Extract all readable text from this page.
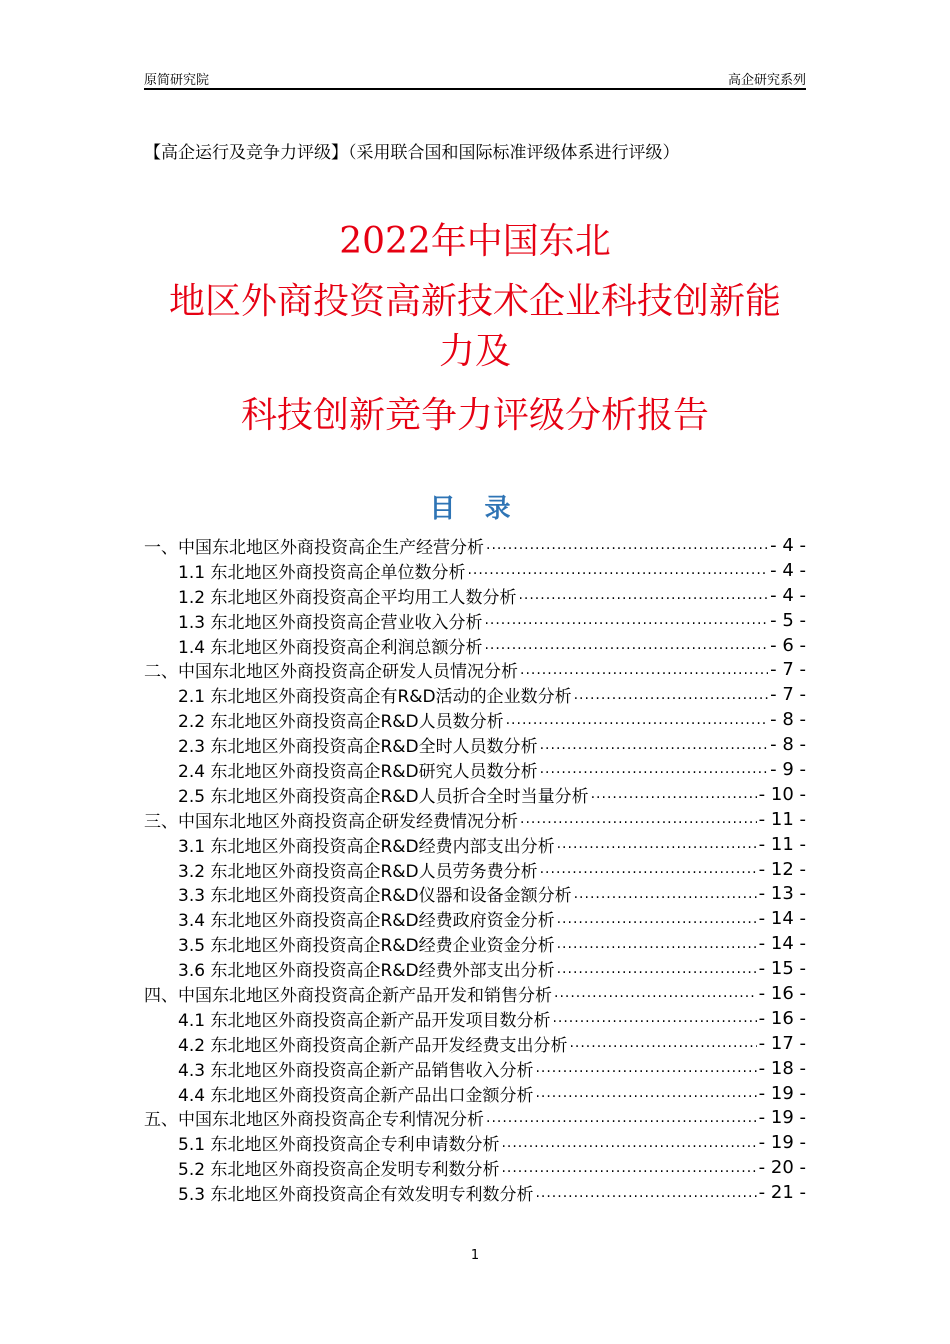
原简研究院	高企研究系列
【高企运行及竞争力评级】（采用联合国和国际标准评级体系进行评级）
2022年中国东北
地区外商投资高新技术企业科技创新能
力及
科技创新竞争力评级分析报告
目 录
一、中国东北地区外商投资高企生产经营分析 .....	- 4 -
1.1 东北地区外商投资高企单位数分析 .....	- 4 -
1.2 东北地区外商投资高企平均用工人数分析 .....	- 4 -
1.3 东北地区外商投资高企营业收入分析 .....	- 5 -
1.4 东北地区外商投资高企利润总额分析 .....	- 6 -
二、中国东北地区外商投资高企研发人员情况分析 .....	- 7 -
2.1 东北地区外商投资高企有R&D活动的企业数分析 .....	- 7 -
2.2 东北地区外商投资高企R&D人员数分析 .....	- 8 -
2.3 东北地区外商投资高企R&D全时人员数分析 .....	- 8 -
2.4 东北地区外商投资高企R&D研究人员数分析 .....	- 9 -
2.5 东北地区外商投资高企R&D人员折合全时当量分析 .....	- 10 -
三、中国东北地区外商投资高企研发经费情况分析 .....	- 11 -
3.1 东北地区外商投资高企R&D经费内部支出分析 .....	- 11 -
3.2 东北地区外商投资高企R&D人员劳务费分析 .....	- 12 -
3.3 东北地区外商投资高企R&D仪器和设备金额分析 .....	- 13 -
3.4 东北地区外商投资高企R&D经费政府资金分析 .....	- 14 -
3.5 东北地区外商投资高企R&D经费企业资金分析 .....	- 14 -
3.6 东北地区外商投资高企R&D经费外部支出分析 .....	- 15 -
四、中国东北地区外商投资高企新产品开发和销售分析 .....	- 16 -
4.1 东北地区外商投资高企新产品开发项目数分析 .....	- 16 -
4.2 东北地区外商投资高企新产品开发经费支出分析 .....	- 17 -
4.3 东北地区外商投资高企新产品销售收入分析 .....	- 18 -
4.4 东北地区外商投资高企新产品出口金额分析 .....	- 19 -
五、中国东北地区外商投资高企专利情况分析 .....	- 19 -
5.1 东北地区外商投资高企专利申请数分析 .....	- 19 -
5.2 东北地区外商投资高企发明专利数分析 .....	- 20 -
5.3 东北地区外商投资高企有效发明专利数分析 .....	- 21 -
1
